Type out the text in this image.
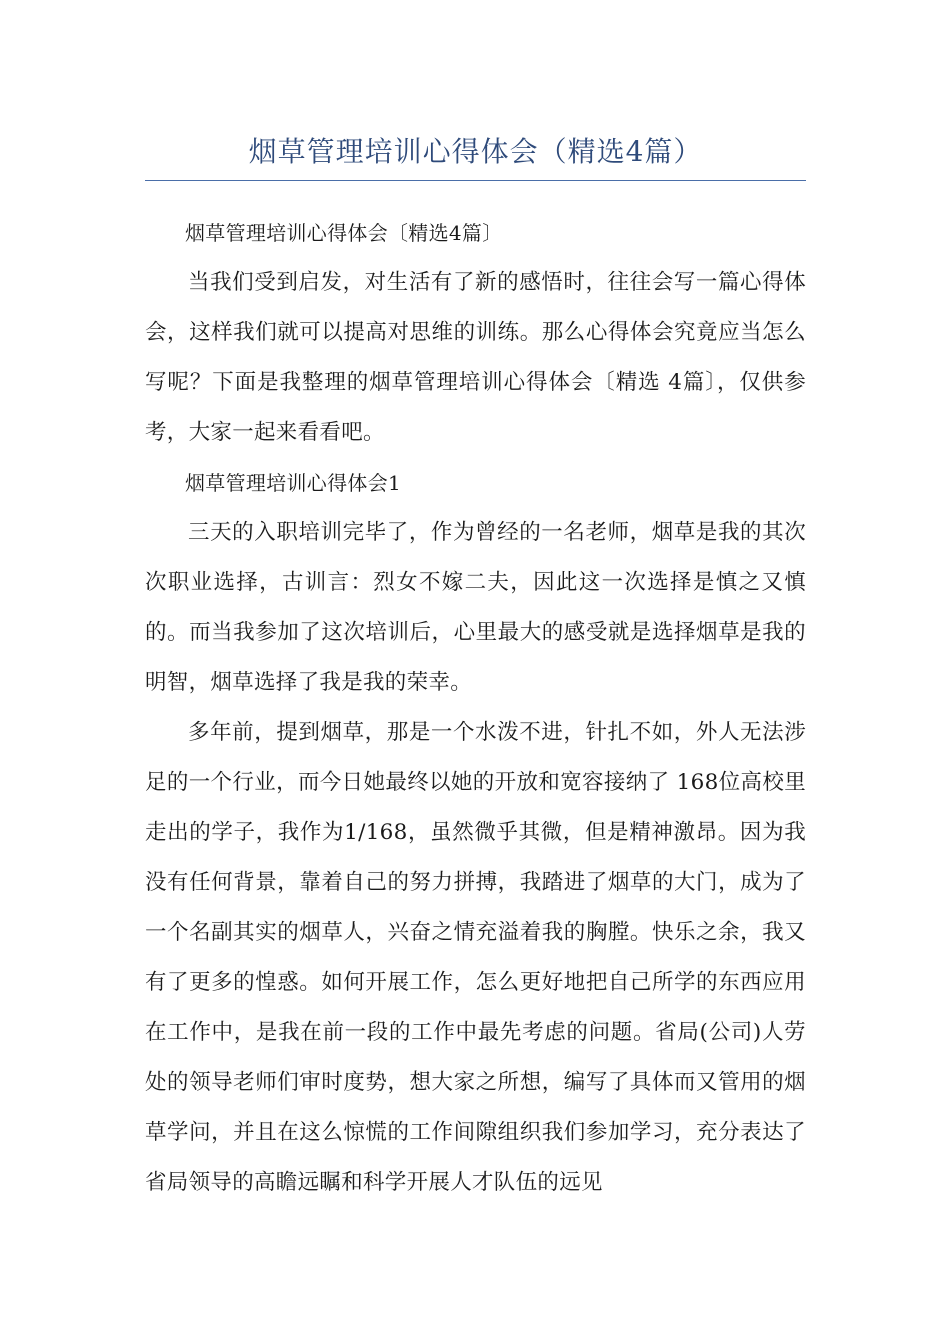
烟草管理培训心得体会（精选4篇）

烟草管理培训心得体会〔精选4篇〕

当我们受到启发，对生活有了新的感悟时，往往会写一篇心得体会，这样我们就可以提高对思维的训练。那么心得体会究竟应当怎么写呢？下面是我整理的烟草管理培训心得体会〔精选 4篇〕，仅供参考，大家一起来看看吧。

烟草管理培训心得体会1

三天的入职培训完毕了，作为曾经的一名老师，烟草是我的其次次职业选择，古训言：烈女不嫁二夫，因此这一次选择是慎之又慎的。而当我参加了这次培训后，心里最大的感受就是选择烟草是我的明智，烟草选择了我是我的荣幸。

多年前，提到烟草，那是一个水泼不进，针扎不如，外人无法涉足的一个行业，而今日她最终以她的开放和宽容接纳了 168位高校里走出的学子，我作为1/168，虽然微乎其微，但是精神激昂。因为我没有任何背景，靠着自己的努力拼搏，我踏进了烟草的大门，成为了一个名副其实的烟草人，兴奋之情充溢着我的胸膛。快乐之余，我又有了更多的惶惑。如何开展工作，怎么更好地把自己所学的东西应用在工作中，是我在前一段的工作中最先考虑的问题。省局(公司)人劳处的领导老师们审时度势，想大家之所想，编写了具体而又管用的烟草学问，并且在这么惊慌的工作间隙组织我们参加学习，充分表达了省局领导的高瞻远瞩和科学开展人才队伍的远见
